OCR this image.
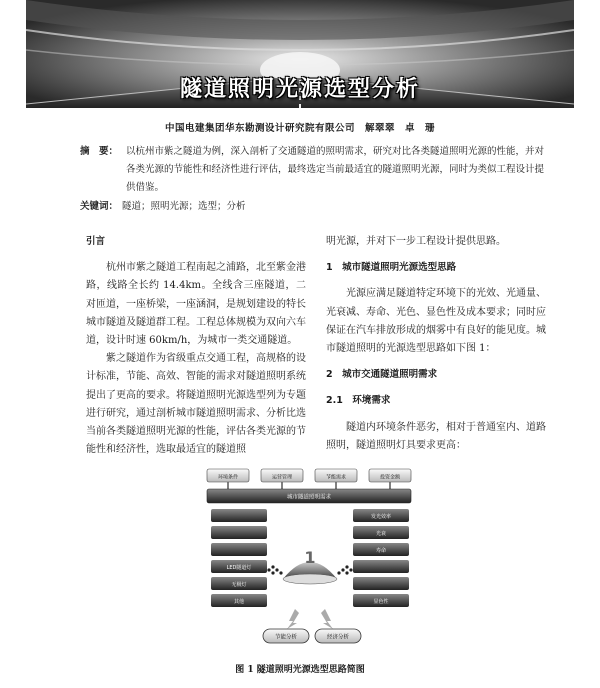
隧道照明光源选型分析
中国电建集团华东勘测设计研究院有限公司 解翠翠　卓　珊
摘　要： 以杭州市紫之隧道为例，深入剖析了交通隧道的照明需求，研究对比各类隧道照明光源的性能，并对各类光源的节能性和经济性进行评估，最终选定当前最适宜的隧道照明光源，同时为类似工程设计提供借鉴。
关键词： 隧道；照明光源；选型；分析
引言

杭州市紫之隧道工程南起之浦路，北至紫金港路，线路全长约 14.4km。全线含三座隧道，二对匝道，一座桥梁，一座涵洞，是规划建设的特长城市隧道及隧道群工程。工程总体规模为双向六车道，设计时速 60km/h，为城市一类交通隧道。

紫之隧道作为省级重点交通工程，高规格的设计标准，节能、高效、智能的需求对隧道照明系统提出了更高的要求。将隧道照明光源选型列为专题进行研究，通过剖析城市隧道照明需求、分析比选当前各类隧道照明光源的性能，评估各类光源的节能性和经济性，选取最适宜的隧道照

明光源，并对下一步工程设计提供思路。

1　城市隧道照明光源选型思路

光源应满足隧道特定环境下的光效、光通量、光衰减、寿命、光色、显色性及成本要求；同时应保证在汽车排放形成的烟雾中有良好的能见度。城市隧道照明的光源选型思路如下图 1：

2　城市交通隧道照明需求
2.1　环境需求

隧道内环境条件恶劣，相对于普通室内、道路照明，隧道照明灯具要求更高：

环境条件	运营管理	节能需求	投资金额
城市隧道照明需求
LED隧道灯
无极灯
其他
发光效率
光衰
寿命
显色性
1
节能分析	经济分析
图 1 隧道照明光源选型思路简图
